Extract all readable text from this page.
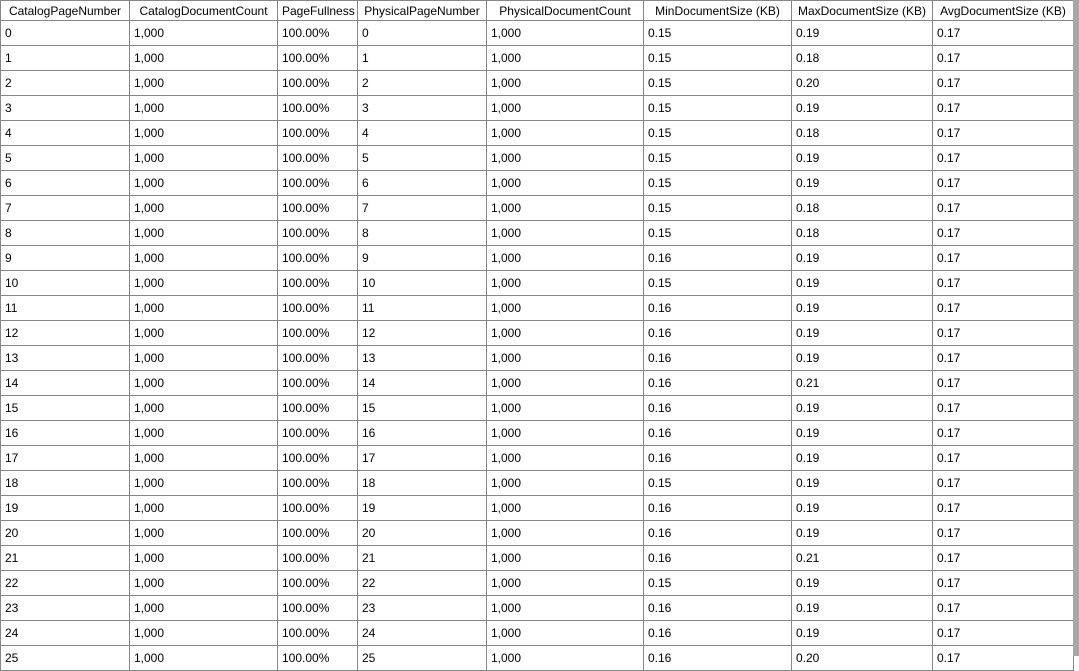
CatalogPageNumber	CatalogDocumentCount	PageFullness	PhysicalPageNumber	PhysicalDocumentCount	MinDocumentSize (KB)	MaxDocumentSize (KB)	AvgDocumentSize (KB)
0	1,000	100.00%	0	1,000	0.15	0.19	0.17
1	1,000	100.00%	1	1,000	0.15	0.18	0.17
2	1,000	100.00%	2	1,000	0.15	0.20	0.17
3	1,000	100.00%	3	1,000	0.15	0.19	0.17
4	1,000	100.00%	4	1,000	0.15	0.18	0.17
5	1,000	100.00%	5	1,000	0.15	0.19	0.17
6	1,000	100.00%	6	1,000	0.15	0.19	0.17
7	1,000	100.00%	7	1,000	0.15	0.18	0.17
8	1,000	100.00%	8	1,000	0.15	0.18	0.17
9	1,000	100.00%	9	1,000	0.16	0.19	0.17
10	1,000	100.00%	10	1,000	0.15	0.19	0.17
11	1,000	100.00%	11	1,000	0.16	0.19	0.17
12	1,000	100.00%	12	1,000	0.16	0.19	0.17
13	1,000	100.00%	13	1,000	0.16	0.19	0.17
14	1,000	100.00%	14	1,000	0.16	0.21	0.17
15	1,000	100.00%	15	1,000	0.16	0.19	0.17
16	1,000	100.00%	16	1,000	0.16	0.19	0.17
17	1,000	100.00%	17	1,000	0.16	0.19	0.17
18	1,000	100.00%	18	1,000	0.15	0.19	0.17
19	1,000	100.00%	19	1,000	0.16	0.19	0.17
20	1,000	100.00%	20	1,000	0.16	0.19	0.17
21	1,000	100.00%	21	1,000	0.16	0.21	0.17
22	1,000	100.00%	22	1,000	0.15	0.19	0.17
23	1,000	100.00%	23	1,000	0.16	0.19	0.17
24	1,000	100.00%	24	1,000	0.16	0.19	0.17
25	1,000	100.00%	25	1,000	0.16	0.20	0.17
